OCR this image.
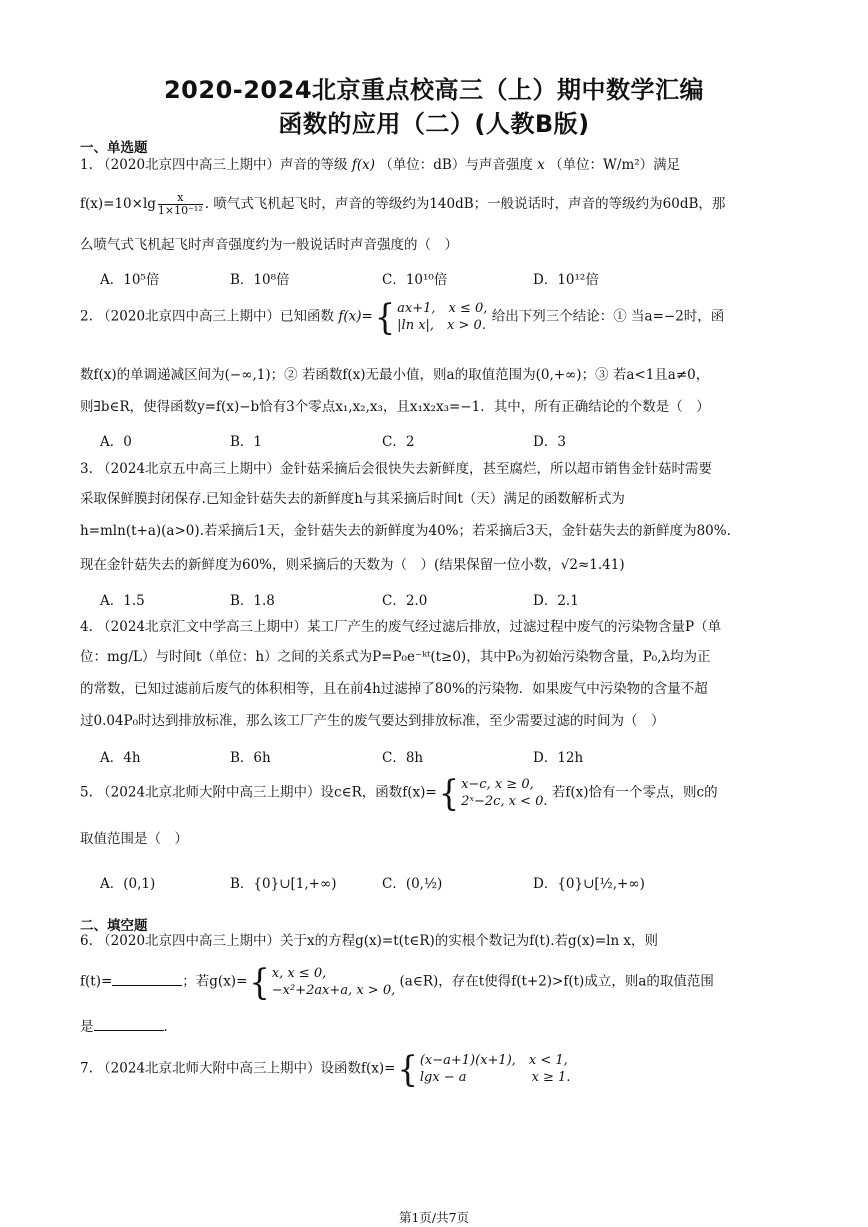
2020-2024北京重点校高三（上）期中数学汇编
函数的应用（二）(人教B版)
一、单选题
1. （2020北京四中高三上期中）声音的等级 f(x) （单位：dB）与声音强度 x （单位：W/m²）满足
$f(x)=10\times\lg \frac{x}{\text{1×10⁻¹²}}$ . 喷气式飞机起飞时，声音的等级约为140dB；一般说话时，声音的等级约为60dB，那
么喷气式飞机起飞时声音强度约为一般说话时声音强度的（　）
A．10⁵倍	B．10⁸倍	C．10¹⁰倍	D．10¹²倍
2. （2020北京四中高三上期中）已知函数 f(x)={ ax+1,　x ≤ 0,
|ln x|,　x > 0.
给出下列三个结论：① 当a=−2时，函
数f(x)的单调递减区间为(−∞,1)；② 若函数f(x)无最小值，则a的取值范围为(0,+∞)；③ 若a<1且a≠0，
则∃b∈R，使得函数y=f(x)−b恰有3个零点x₁,x₂,x₃，且x₁x₂x₃=−1．其中，所有正确结论的个数是（　）
A．0	B．1	C．2	D．3
3. （2024北京五中高三上期中）金针菇采摘后会很快失去新鲜度，甚至腐烂，所以超市销售金针菇时需要
采取保鲜膜封闭保存.已知金针菇失去的新鲜度h与其采摘后时间t（天）满足的函数解析式为
h=mln(t+a)(a>0).若采摘后1天，金针菇失去的新鲜度为40%；若采摘后3天，金针菇失去的新鲜度为80%.
现在金针菇失去的新鲜度为60%，则采摘后的天数为（　）(结果保留一位小数，√2≈1.41)
A．1.5	B．1.8	C．2.0	D．2.1
4. （2024北京汇文中学高三上期中）某工厂产生的废气经过滤后排放，过滤过程中废气的污染物含量P（单
位：mg/L）与时间t（单位：h）之间的关系式为P=P₀e⁻ᵏᵗ(t≥0)，其中P₀为初始污染物含量，P₀,λ均为正
的常数，已知过滤前后废气的体积相等，且在前4h过滤掉了80%的污染物．如果废气中污染物的含量不超
过0.04P₀时达到排放标准，那么该工厂产生的废气要达到排放标准，至少需要过滤的时间为（　）
A．4h	B．6h	C．8h	D．12h
5. （2024北京北师大附中高三上期中）设c∈R，函数f(x)={ x−c, x ≥ 0,
2ˣ−2c, x < 0.
若f(x)恰有一个零点，则c的
取值范围是（　）
A．(0,1)	B．{0}∪[1,+∞)	C．(0,½)	D．{0}∪[½,+∞)
二、填空题
6. （2020北京四中高三上期中）关于x的方程g(x)=t(t∈R)的实根个数记为f(t).若g(x)=ln x，则
f(t)=	；若g(x)={ x, x ≤ 0,
−x²+2ax+a, x > 0,
(a∈R)，存在t使得f(t+2)>f(t)成立，则a的取值范围
是	.
7. （2024北京北师大附中高三上期中）设函数f(x)={ (x−a+1)(x+1),　x < 1,
lgx − a　　　　　x ≥ 1.
第1页/共7页
